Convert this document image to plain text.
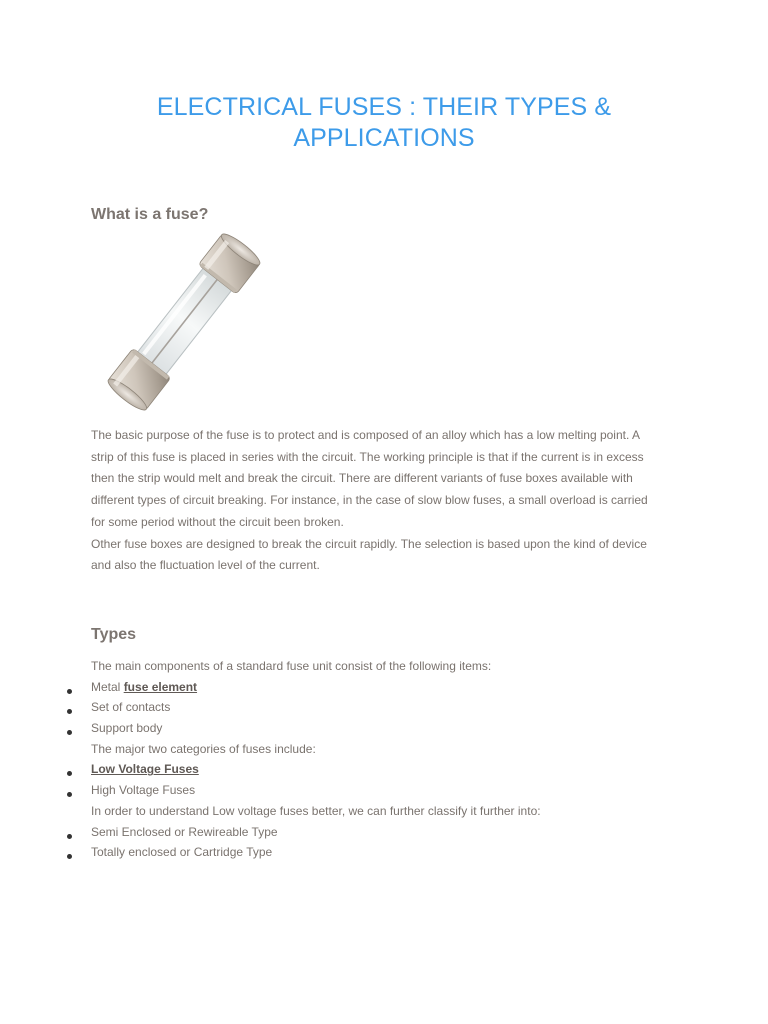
ELECTRICAL FUSES : THEIR TYPES &
APPLICATIONS
What is a fuse?

The basic purpose of the fuse is to protect and is composed of an alloy which has a low melting point. A

strip of this fuse is placed in series with the circuit. The working principle is that if the current is in excess

then the strip would melt and break the circuit. There are different variants of fuse boxes available with

different types of circuit breaking. For instance, in the case of slow blow fuses, a small overload is carried

for some period without the circuit been broken.

Other fuse boxes are designed to break the circuit rapidly. The selection is based upon the kind of device

and also the fluctuation level of the current.

Types
The main components of a standard fuse unit consist of the following items:
Metal fuse element
Set of contacts
Support body
The major two categories of fuses include:
Low Voltage Fuses
High Voltage Fuses
In order to understand Low voltage fuses better, we can further classify it further into:
Semi Enclosed or Rewireable Type
Totally enclosed or Cartridge Type
